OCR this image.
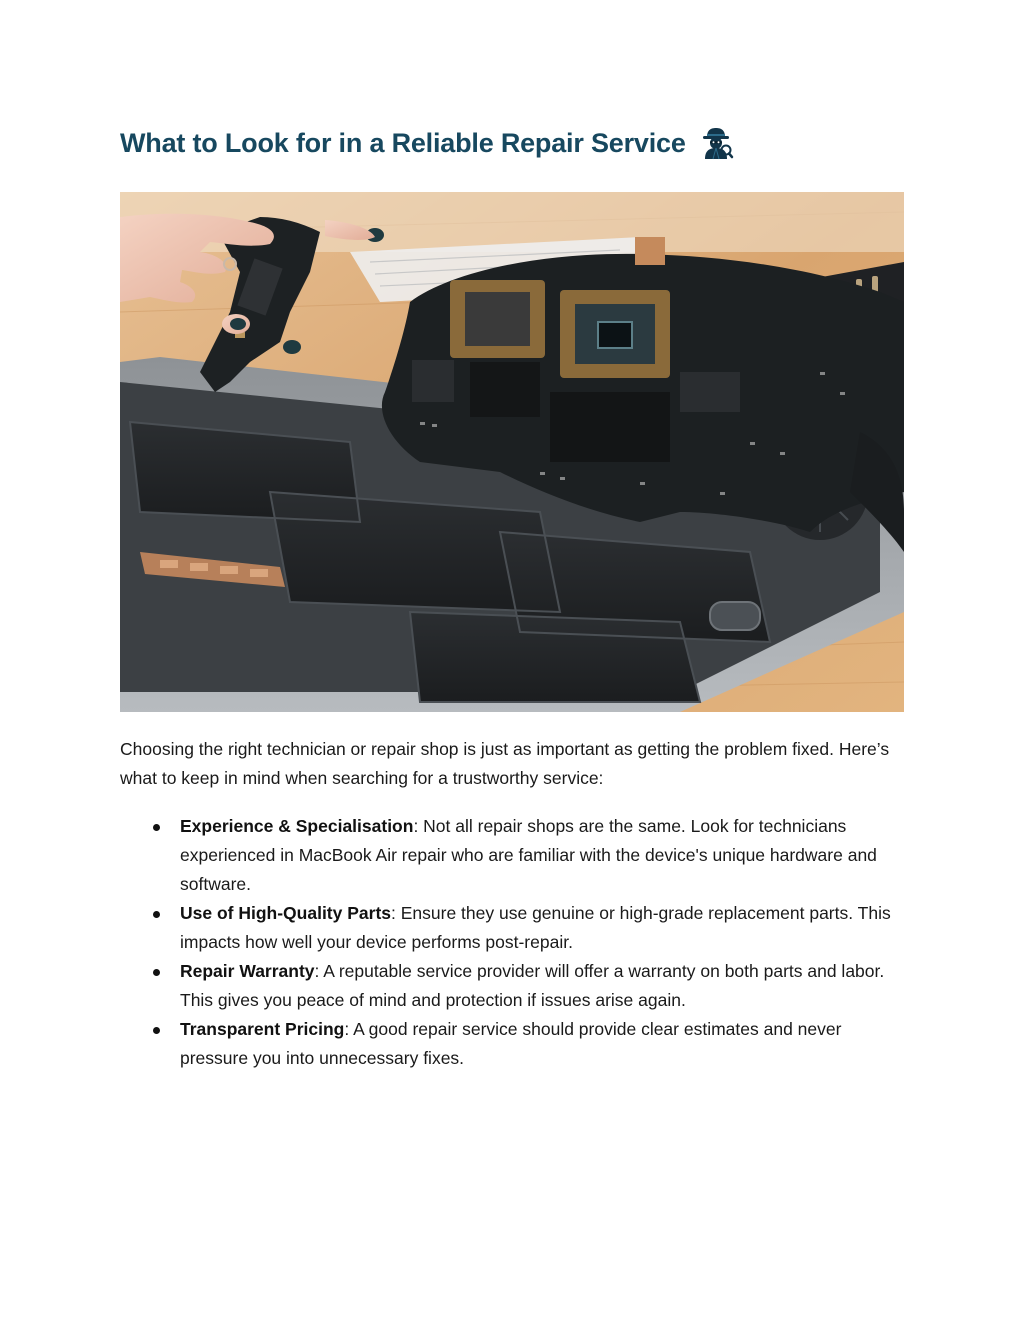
What to Look for in a Reliable Repair Service

Choosing the right technician or repair shop is just as important as getting the problem fixed. Here’s what to keep in mind when searching for a trustworthy service:

Experience & Specialisation: Not all repair shops are the same. Look for technicians experienced in MacBook Air repair who are familiar with the device's unique hardware and software.
Use of High-Quality Parts: Ensure they use genuine or high-grade replacement parts. This impacts how well your device performs post-repair.
Repair Warranty: A reputable service provider will offer a warranty on both parts and labor. This gives you peace of mind and protection if issues arise again.
Transparent Pricing: A good repair service should provide clear estimates and never pressure you into unnecessary fixes.
